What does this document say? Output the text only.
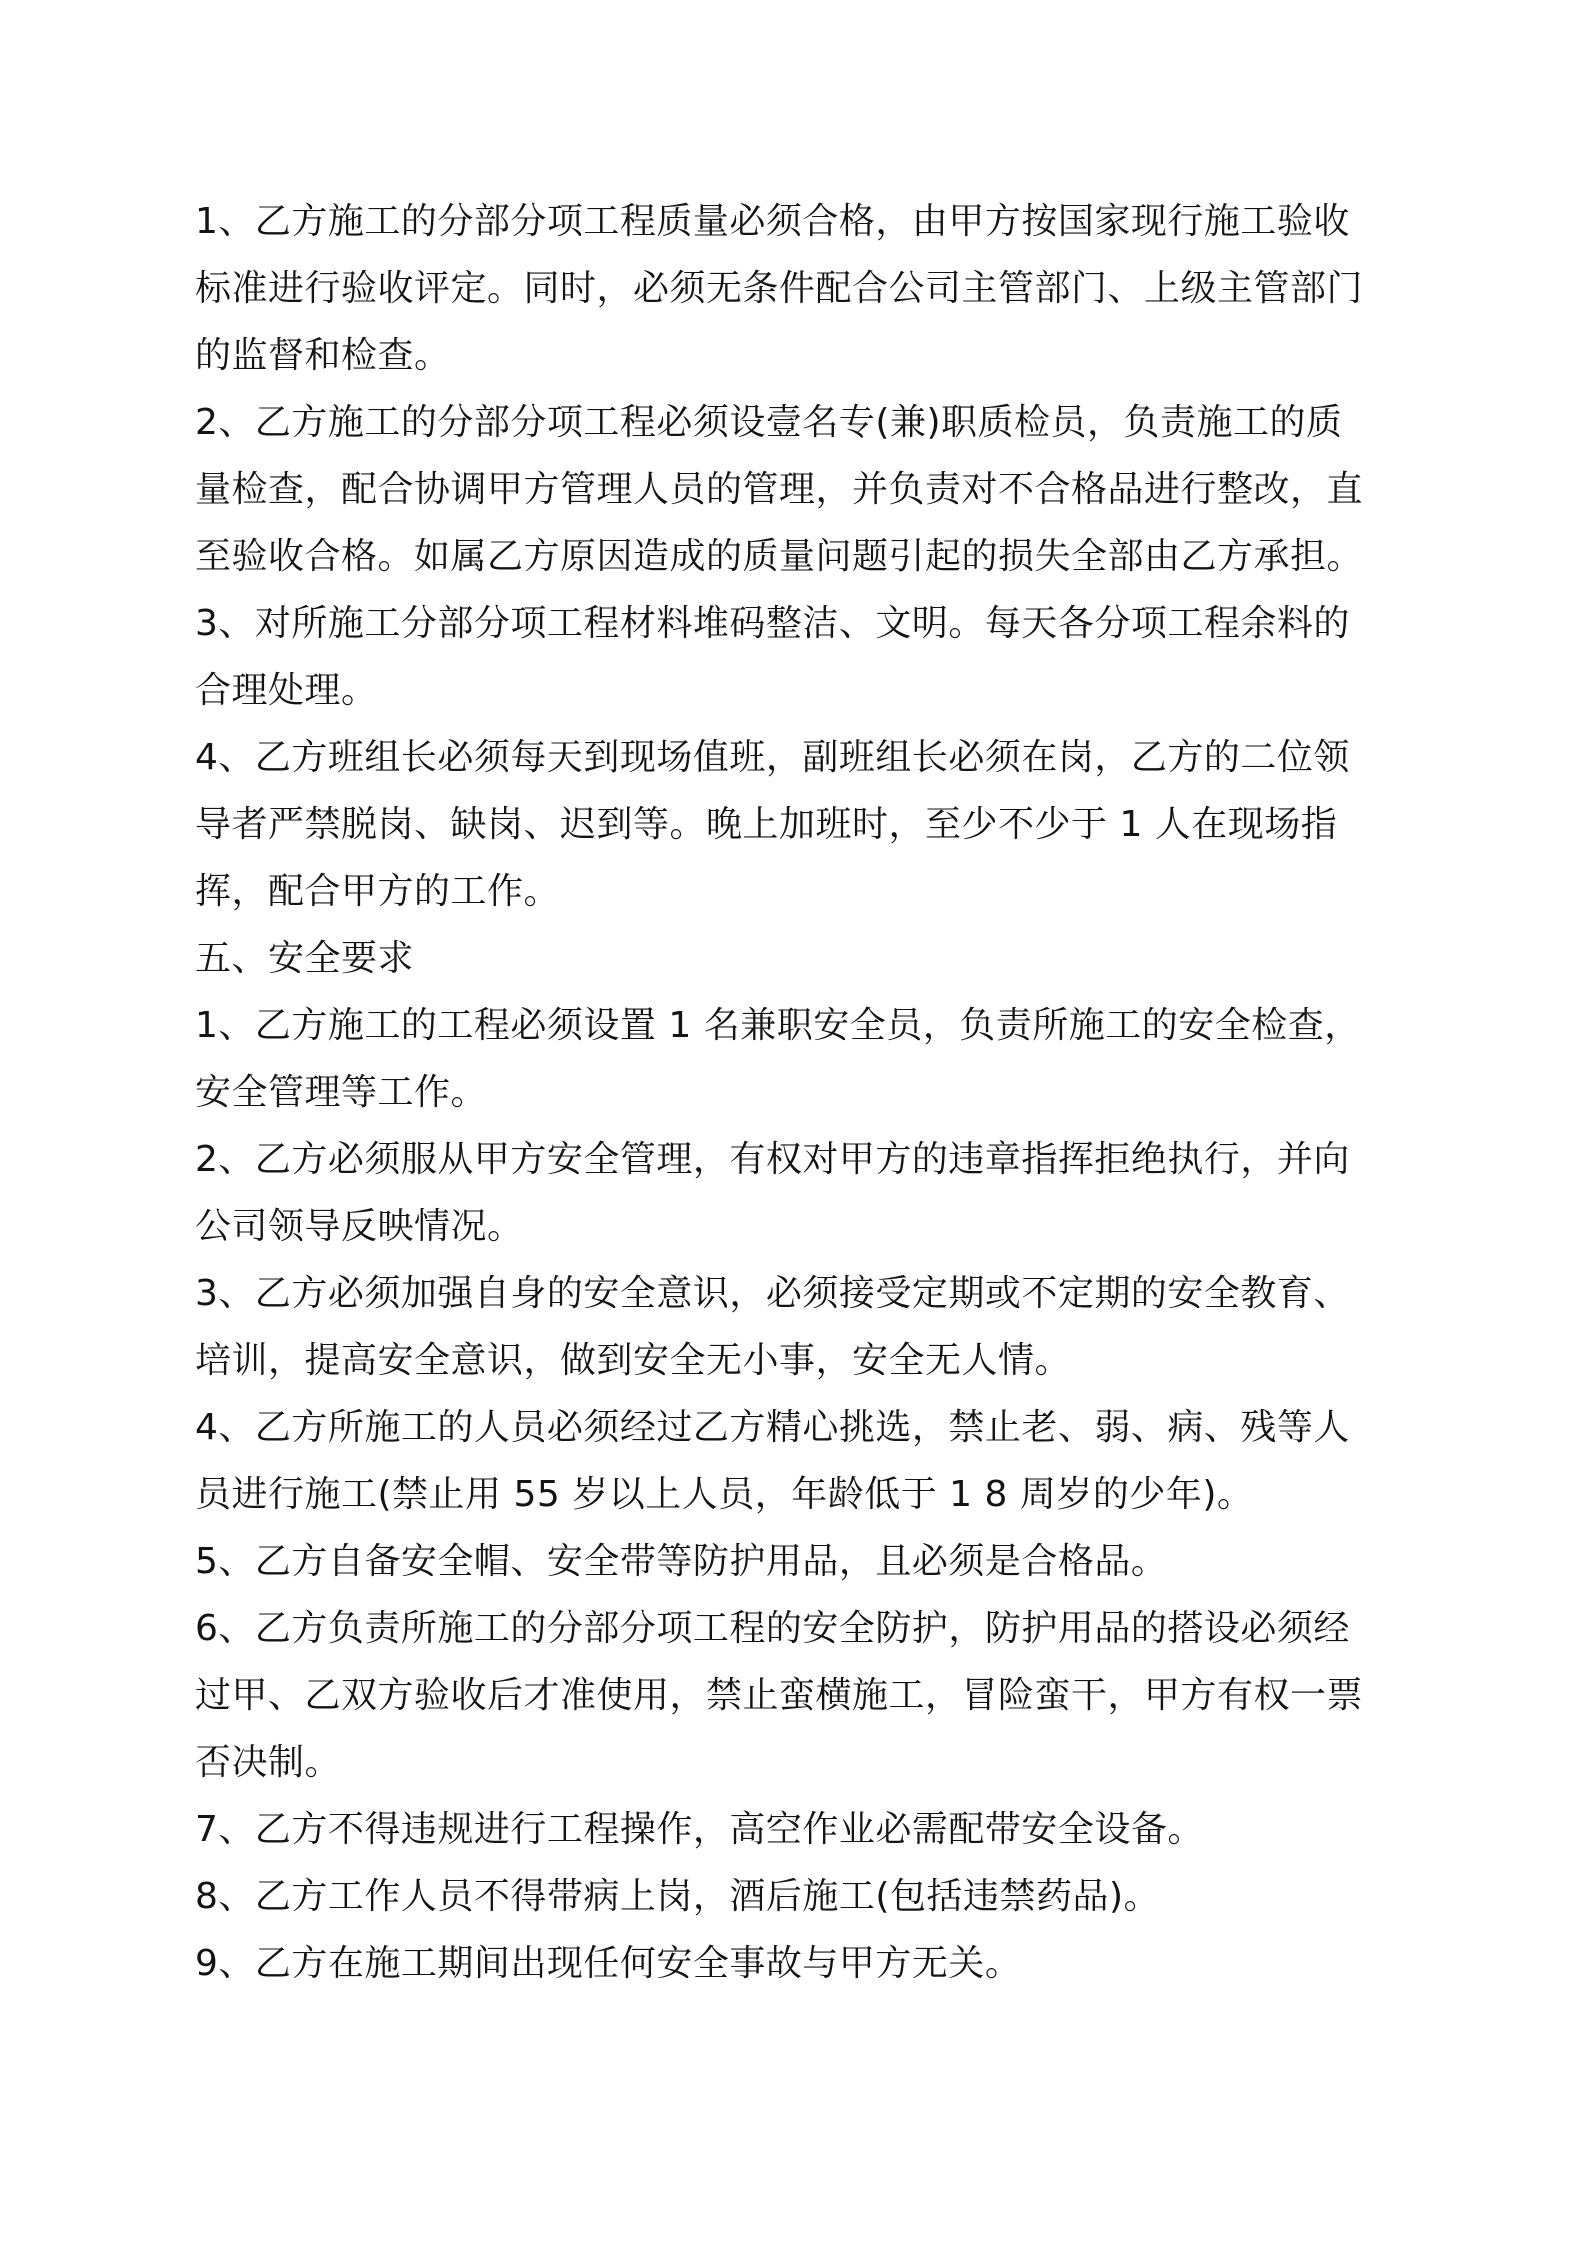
1、乙方施工的分部分项工程质量必须合格，由甲方按国家现行施工验收
标准进行验收评定。同时，必须无条件配合公司主管部门、上级主管部门
的监督和检查。

2、乙方施工的分部分项工程必须设壹名专(兼)职质检员，负责施工的质
量检查，配合协调甲方管理人员的管理，并负责对不合格品进行整改，直
至验收合格。如属乙方原因造成的质量问题引起的损失全部由乙方承担。

3、对所施工分部分项工程材料堆码整洁、文明。每天各分项工程余料的
合理处理。

4、乙方班组长必须每天到现场值班，副班组长必须在岗，乙方的二位领
导者严禁脱岗、缺岗、迟到等。晚上加班时，至少不少于 1 人在现场指
挥，配合甲方的工作。

五、安全要求

1、乙方施工的工程必须设置 1 名兼职安全员，负责所施工的安全检查，
安全管理等工作。

2、乙方必须服从甲方安全管理，有权对甲方的违章指挥拒绝执行，并向
公司领导反映情况。

3、乙方必须加强自身的安全意识，必须接受定期或不定期的安全教育、
培训，提高安全意识，做到安全无小事，安全无人情。

4、乙方所施工的人员必须经过乙方精心挑选，禁止老、弱、病、残等人
员进行施工(禁止用 55 岁以上人员，年龄低于 1 8 周岁的少年)。

5、乙方自备安全帽、安全带等防护用品，且必须是合格品。

6、乙方负责所施工的分部分项工程的安全防护，防护用品的搭设必须经
过甲、乙双方验收后才准使用，禁止蛮横施工，冒险蛮干，甲方有权一票
否决制。

7、乙方不得违规进行工程操作，高空作业必需配带安全设备。

8、乙方工作人员不得带病上岗，酒后施工(包括违禁药品)。

9、乙方在施工期间出现任何安全事故与甲方无关。
